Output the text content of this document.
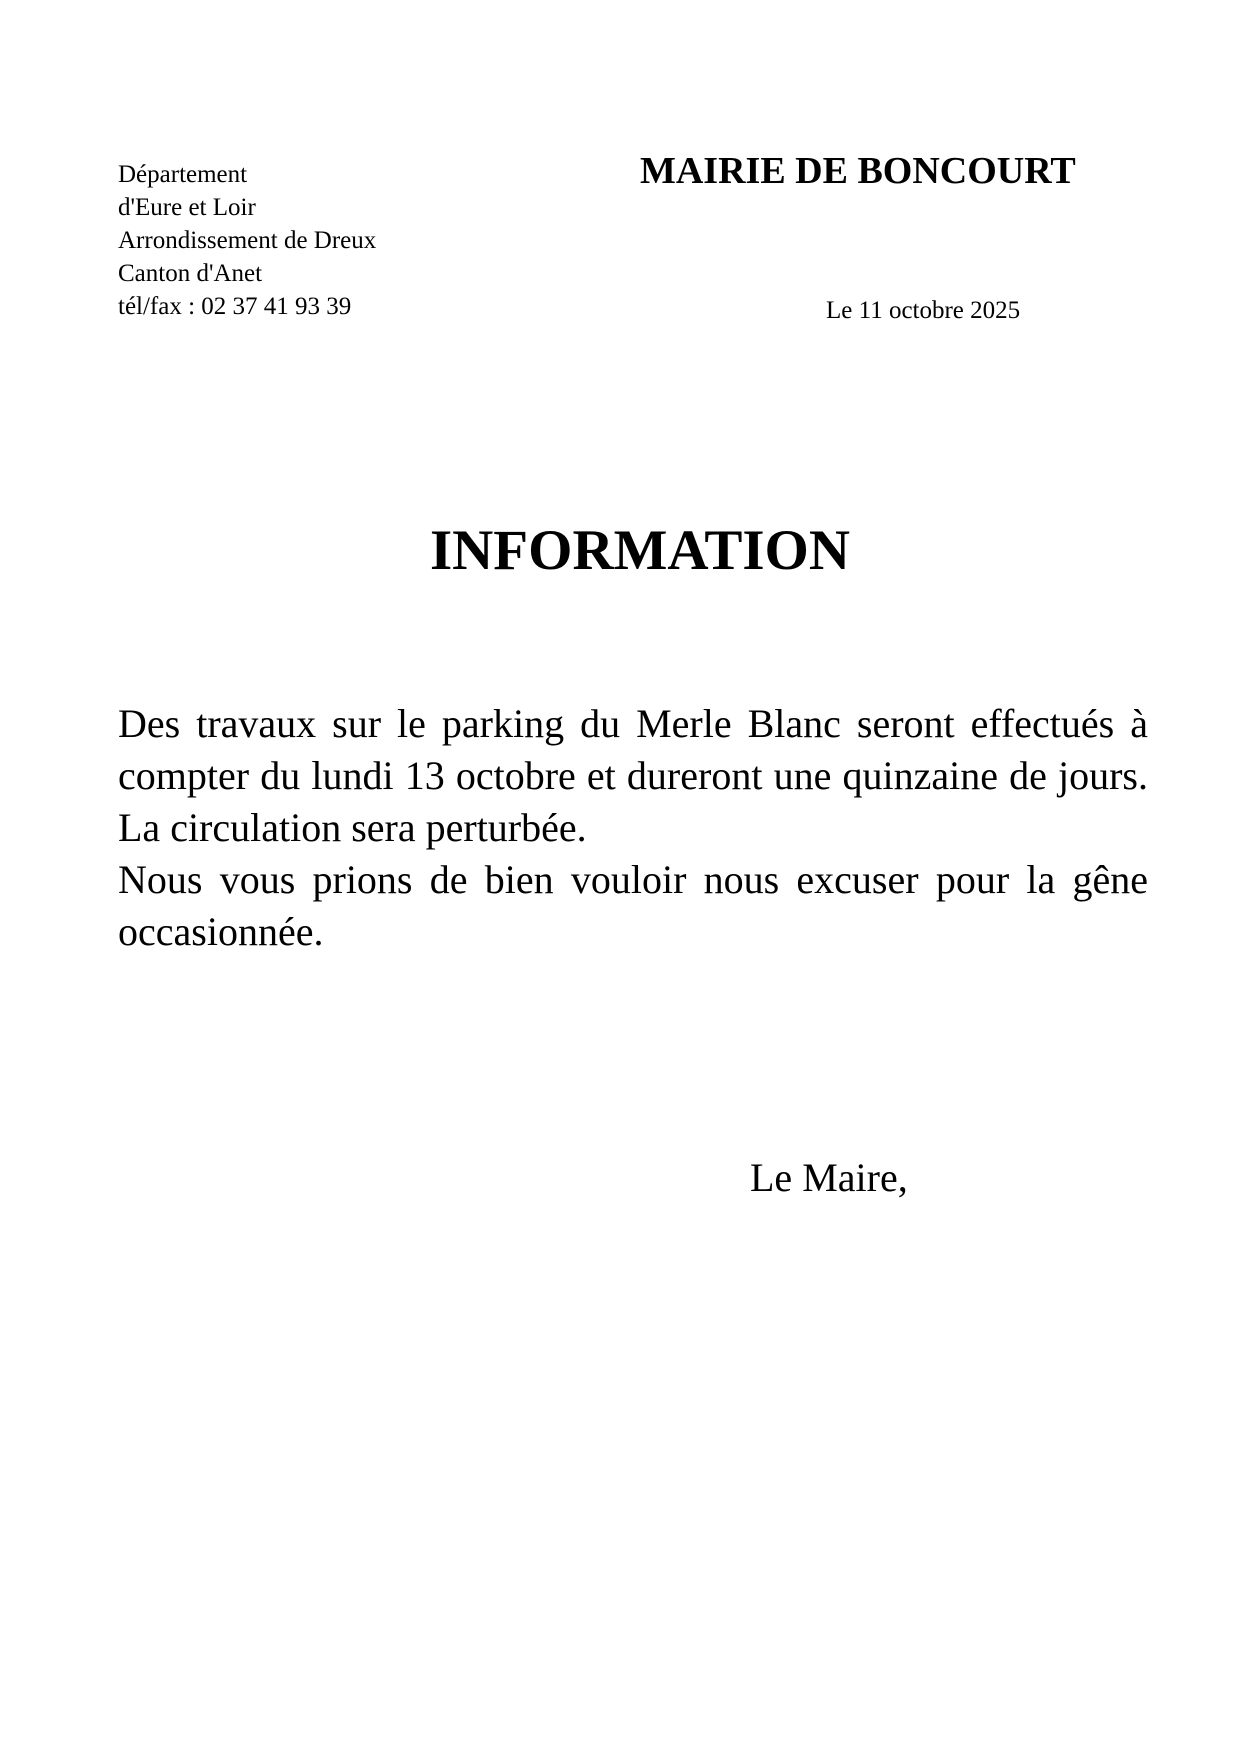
Département
d'Eure et Loir
Arrondissement de Dreux
Canton d'Anet
tél/fax : 02 37 41 93 39
MAIRIE DE BONCOURT
Le 11 octobre 2025
INFORMATION

Des travaux sur le parking du Merle Blanc seront effectués à compter du lundi 13 octobre et dureront une quinzaine de jours. La circulation sera perturbée.

Nous vous prions de bien vouloir nous excuser pour la gêne occasionnée.

Le Maire,
